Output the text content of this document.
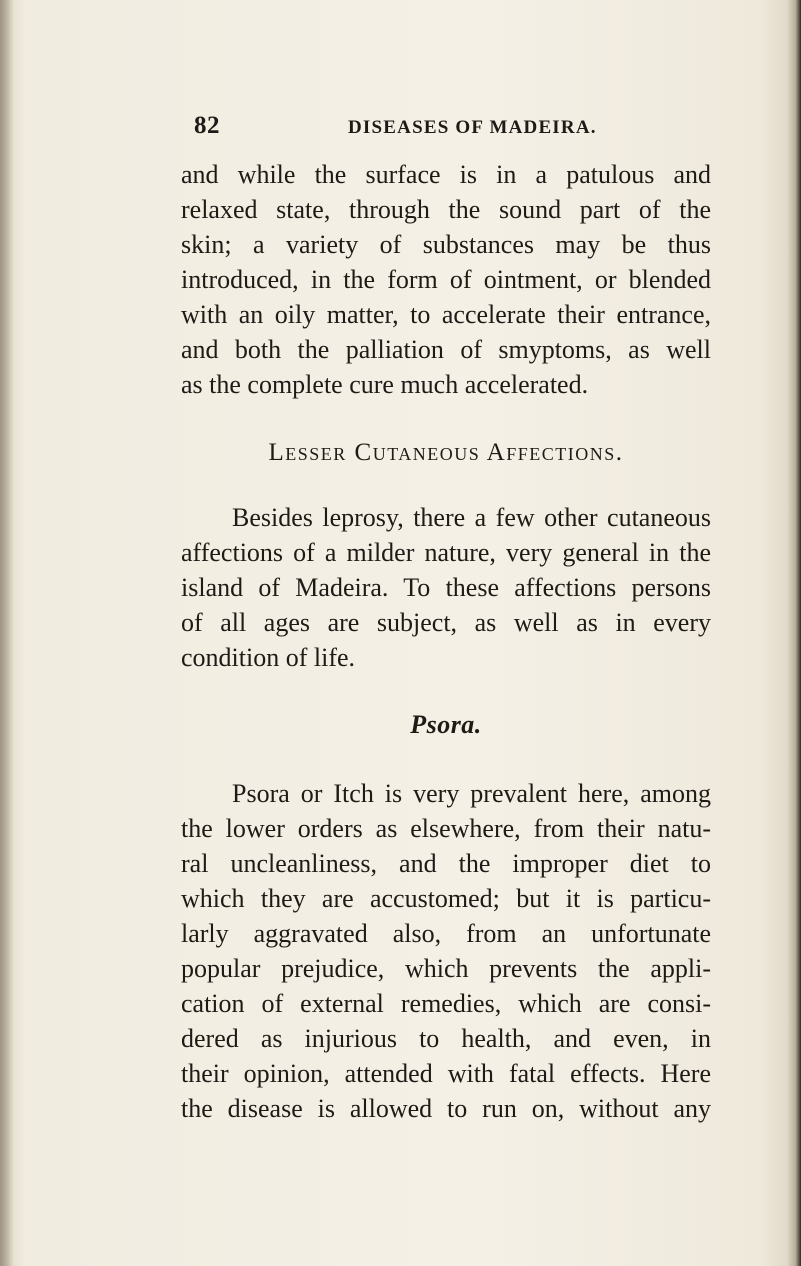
82	DISEASES OF MADEIRA.
and while the surface is in a patulous and
relaxed state, through the sound part of the
skin; a variety of substances may be thus
introduced, in the form of ointment, or blended
with an oily matter, to accelerate their entrance,
and both the palliation of smyptoms, as well
as the complete cure much accelerated.
Lesser Cutaneous Affections.
Besides leprosy, there a few other cutaneous
affections of a milder nature, very general in the
island of Madeira. To these affections persons
of all ages are subject, as well as in every
condition of life.
Psora.
Psora or Itch is very prevalent here, among
the lower orders as elsewhere, from their natu-
ral uncleanliness, and the improper diet to
which they are accustomed; but it is particu-
larly aggravated also, from an unfortunate
popular prejudice, which prevents the appli-
cation of external remedies, which are consi-
dered as injurious to health, and even, in
their opinion, attended with fatal effects. Here
the disease is allowed to run on, without any
